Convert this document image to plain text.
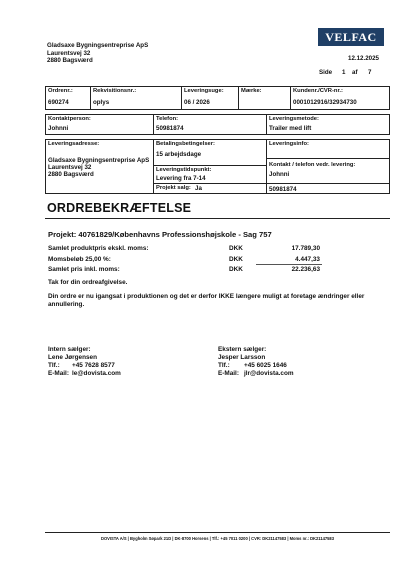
Gladsaxe Bygningsentreprise ApS
Laurentsvej 32
2880 Bagsværd
VELFAC
12.12.2025
Side 1 af 7
Ordrenr.:
690274
Rekvisitionsnr.:
oplys
Leveringsuge:
06 / 2026
Mærke:	Kundenr./CVR-nr.:
0001012916/32934730
Kontaktperson:
Johnni
Telefon:
50981874
Leveringsmetode:
Trailer med lift
Leveringsadresse:
Gladsaxe Bygningsentreprise ApS
Laurentsvej 32
2880 Bagsværd
Betalingsbetingelser:
15 arbejdsdage
Leveringstidspunkt:
Levering fra 7-14
Projekt salg: Ja
Leveringsinfo:
Kontakt / telefon vedr. levering:
Johnni
50981874
ORDREBEKRÆFTELSE
Projekt: 40761829/Københavns Professionshøjskole - Sag 757
Samlet produktpris ekskl. moms:	DKK	17.789,30
Momsbeløb 25,00 %:	DKK	4.447,33
Samlet pris inkl. moms:	DKK	22.236,63
Tak for din ordreafgivelse.
Din ordre er nu igangsat i produktionen og det er derfor IKKE længere muligt at foretage ændringer eller annullering.
Intern sælger:
Lene Jørgensen
Tlf.: +45 7628 8577
E-Mail: le@dovista.com
Ekstern sælger:
Jesper Larsson
Tlf.: +45 6025 1646
E-Mail: jlr@dovista.com
DOVISTA A/S | Bygholm Søpark 21D | DK-8700 Horsens | Tlf.: +45 7011 0200 | CVR: DK21147583 | Moms nr.: DK21147583
